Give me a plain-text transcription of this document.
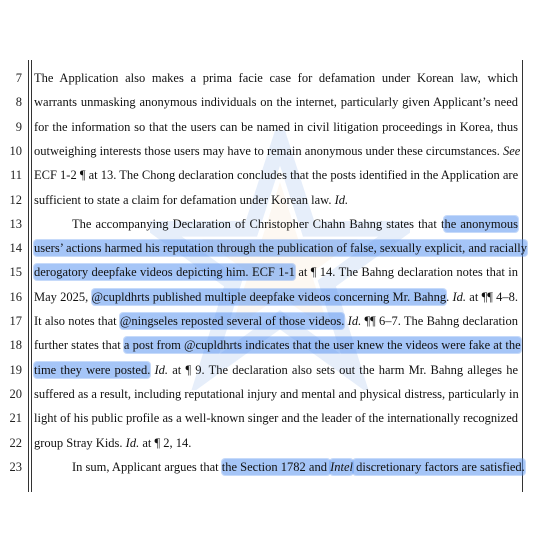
7
8
9
10
11
12
13
14
15
16
17
18
19
20
21
22
23
The Application also makes a prima facie case for defamation under Korean law, which
warrants unmasking anonymous individuals on the internet, particularly given Applicant’s need
for the information so that the users can be named in civil litigation proceedings in Korea, thus
outweighing interests those users may have to remain anonymous under these circumstances. See
ECF 1-2 ¶ at 13. The Chong declaration concludes that the posts identified in the Application are
sufficient to state a claim for defamation under Korean law. Id.
The accompanying Declaration of Christopher Chahn Bahng states that the anonymous
users’ actions harmed his reputation through the publication of false, sexually explicit, and racially
derogatory deepfake videos depicting him. ECF 1-1 at ¶ 14. The Bahng declaration notes that in
May 2025, @cupldhrts published multiple deepfake videos concerning Mr. Bahng. Id. at ¶¶ 4–8.
It also notes that @ningseles reposted several of those videos. Id. ¶¶ 6–7. The Bahng declaration
further states that a post from @cupldhrts indicates that the user knew the videos were fake at the
time they were posted. Id. at ¶ 9. The declaration also sets out the harm Mr. Bahng alleges he
suffered as a result, including reputational injury and mental and physical distress, particularly in
light of his public profile as a well-known singer and the leader of the internationally recognized
group Stray Kids. Id. at ¶ 2, 14.
In sum, Applicant argues that the Section 1782 and Intel discretionary factors are satisfied.
